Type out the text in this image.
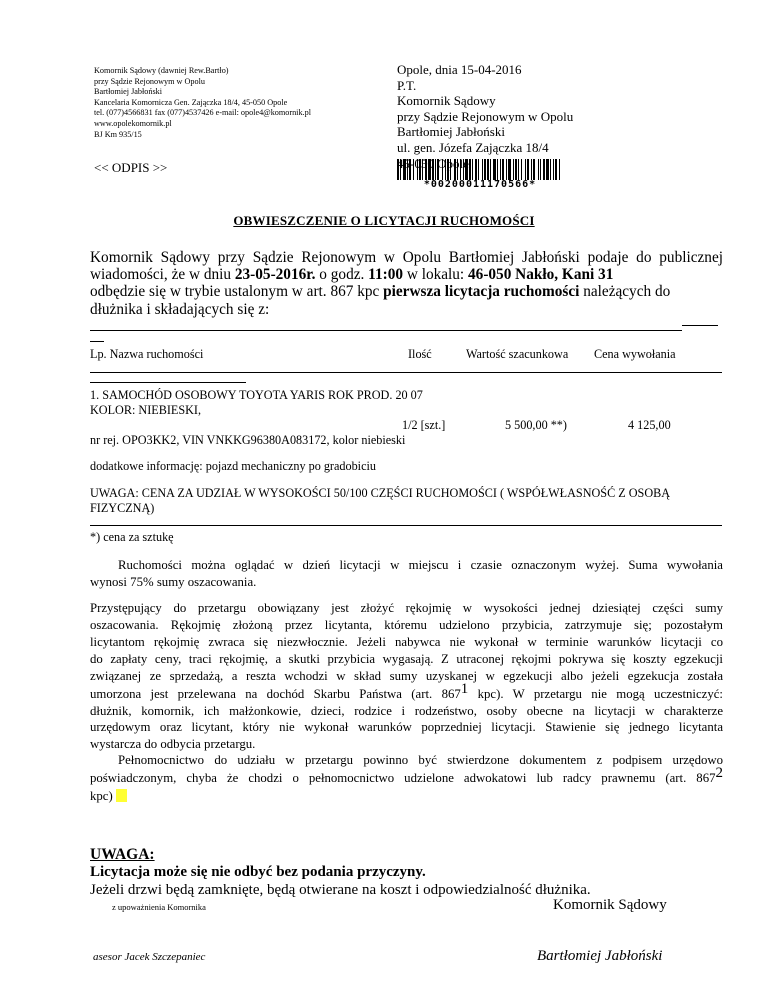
Komornik Sądowy (dawniej Rew.Bartło)
przy Sądzie Rejonowym w Opolu
Bartłomiej Jabłoński
Kancelaria Komornicza Gen. Zajączka 18/4, 45-050 Opole
tel. (077)4566831 fax (077)4537426 e-mail: opole4@komornik.pl
www.opolekomornik.pl
BJ Km 935/15
Opole, dnia 15-04-2016
P.T.
Komornik Sądowy
przy Sądzie Rejonowym w Opolu
Bartłomiej Jabłoński
ul. gen. Józefa Zajączka 18/4
45-050 Opole
*00200011170566*
<< ODPIS >>
OBWIESZCZENIE O LICYTACJI RUCHOMOŚCI
Komornik Sądowy przy Sądzie Rejonowym w Opolu Bartłomiej Jabłoński podaje do publicznej
wiadomości, że w dniu 23-05-2016r. o godz. 11:00 w lokalu: 46-050 Nakło, Kani 31
odbędzie się w trybie ustalonym w art. 867 kpc pierwsza licytacja ruchomości należących do
dłużnika i składających się z:
Lp. Nazwa ruchomości	Ilość	Wartość szacunkowa Cena wywołania
1. SAMOCHÓD OSOBOWY TOYOTA YARIS ROK PROD. 20 07
KOLOR: NIEBIESKI,
1/2 [szt.]	5 500,00 **)	4 125,00
nr rej. OPO3KK2, VIN VNKKG96380A083172, kolor niebieski
dodatkowe informację: pojazd mechaniczny po gradobiciu
UWAGA: CENA ZA UDZIAŁ W WYSOKOŚCI 50/100 CZĘŚCI RUCHOMOŚCI ( WSPÓŁWŁASNOŚĆ Z OSOBĄ
FIZYCZNĄ)
*) cena za sztukę
Ruchomości można oglądać w dzień licytacji w miejscu i czasie oznaczonym wyżej. Suma wywołania
wynosi 75% sumy oszacowania.
Przystępujący do przetargu obowiązany jest złożyć rękojmię w wysokości jednej dziesiątej części sumy
oszacowania. Rękojmię złożoną przez licytanta, któremu udzielono przybicia, zatrzymuje się; pozostałym
licytantom rękojmię zwraca się niezwłocznie. Jeżeli nabywca nie wykonał w terminie warunków licytacji co
do zapłaty ceny, traci rękojmię, a skutki przybicia wygasają. Z utraconej rękojmi pokrywa się koszty egzekucji
związanej ze sprzedażą, a reszta wchodzi w skład sumy uzyskanej w egzekucji albo jeżeli egzekucja została
umorzona jest przelewana na dochód Skarbu Państwa (art. 8671 kpc). W przetargu nie mogą uczestniczyć:
dłużnik, komornik, ich małżonkowie, dzieci, rodzice i rodzeństwo, osoby obecne na licytacji w charakterze
urzędowym oraz licytant, który nie wykonał warunków poprzedniej licytacji. Stawienie się jednego licytanta
wystarcza do odbycia przetargu.
Pełnomocnictwo do udziału w przetargu powinno być stwierdzone dokumentem z podpisem urzędowo
poświadczonym, chyba że chodzi o pełnomocnictwo udzielone adwokatowi lub radcy prawnemu (art. 8672
kpc)
UWAGA:
Licytacja może się nie odbyć bez podania przyczyny.
Jeżeli drzwi będą zamknięte, będą otwierane na koszt i odpowiedzialność dłużnika.
z upoważnienia Komornika	Komornik Sądowy
asesor Jacek Szczepaniec	Bartłomiej Jabłoński
